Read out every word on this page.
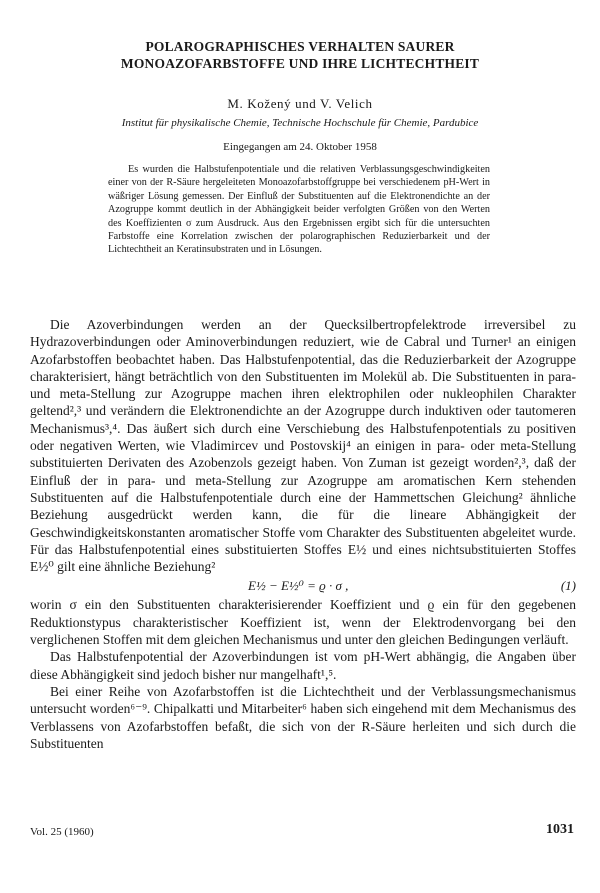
POLAROGRAPHISCHES VERHALTEN SAURER
MONOAZOFARBSTOFFE UND IHRE LICHTECHTHEIT
M. Kožený und V. Velich
Institut für physikalische Chemie, Technische Hochschule für Chemie, Pardubice
Eingegangen am 24. Oktober 1958

Es wurden die Halbstufenpotentiale und die relativen Verblassungsgeschwindigkeiten einer von der R-Säure hergeleiteten Monoazofarbstoffgruppe bei verschiedenem pH-Wert in wäßriger Lösung gemessen. Der Einfluß der Substituenten auf die Elektronendichte an der Azogruppe kommt deutlich in der Abhängigkeit beider verfolgten Größen von den Werten des Koeffizienten σ zum Ausdruck. Aus den Ergebnissen ergibt sich für die untersuchten Farbstoffe eine Korrelation zwischen der polarographischen Reduzierbarkeit und der Lichtechtheit an Keratinsubstraten und in Lösungen.

Die Azoverbindungen werden an der Quecksilbertropfelektrode irreversibel zu Hydrazoverbindungen oder Aminoverbindungen reduziert, wie de Cabral und Turner¹ an einigen Azofarbstoffen beobachtet haben. Das Halbstufenpotential, das die Reduzierbarkeit der Azogruppe charakterisiert, hängt beträchtlich von den Substituenten im Molekül ab. Die Substituenten in para- und meta-Stellung zur Azogruppe machen ihren elektrophilen oder nukleophilen Charakter geltend²,³ und verändern die Elektronendichte an der Azogruppe durch induktiven oder tautomeren Mechanismus³,⁴. Das äußert sich durch eine Verschiebung des Halbstufenpotentials zu positiven oder negativen Werten, wie Vladimircev und Postovskij⁴ an einigen in para- oder meta-Stellung substituierten Derivaten des Azobenzols gezeigt haben. Von Zuman ist gezeigt worden²,³, daß der Einfluß der in para- und meta-Stellung zur Azogruppe am aromatischen Kern stehenden Substituenten auf die Halbstufenpotentiale durch eine der Hammettschen Gleichung² ähnliche Beziehung ausgedrückt werden kann, die für die lineare Abhängigkeit der Geschwindigkeitskonstanten aromatischer Stoffe vom Charakter des Substituenten abgeleitet wurde. Für das Halbstufenpotential eines substituierten Stoffes E½ und eines nichtsubstituierten Stoffes E½⁰ gilt eine ähnliche Beziehung²

E½ − E½⁰ = ϱ · σ ,	(1)

worin σ ein den Substituenten charakterisierender Koeffizient und ϱ ein für den gegebenen Reduktionstypus charakteristischer Koeffizient ist, wenn der Elektrodenvorgang bei den verglichenen Stoffen mit dem gleichen Mechanismus und unter den gleichen Bedingungen verläuft.

Das Halbstufenpotential der Azoverbindungen ist vom pH-Wert abhängig, die Angaben über diese Abhängigkeit sind jedoch bisher nur mangelhaft¹,⁵.

Bei einer Reihe von Azofarbstoffen ist die Lichtechtheit und der Verblassungsmechanismus untersucht worden⁶⁻⁹. Chipalkatti und Mitarbeiter⁶ haben sich eingehend mit dem Mechanismus des Verblassens von Azofarbstoffen befaßt, die sich von der R-Säure herleiten und sich durch die Substituenten

Vol. 25 (1960)	1031
